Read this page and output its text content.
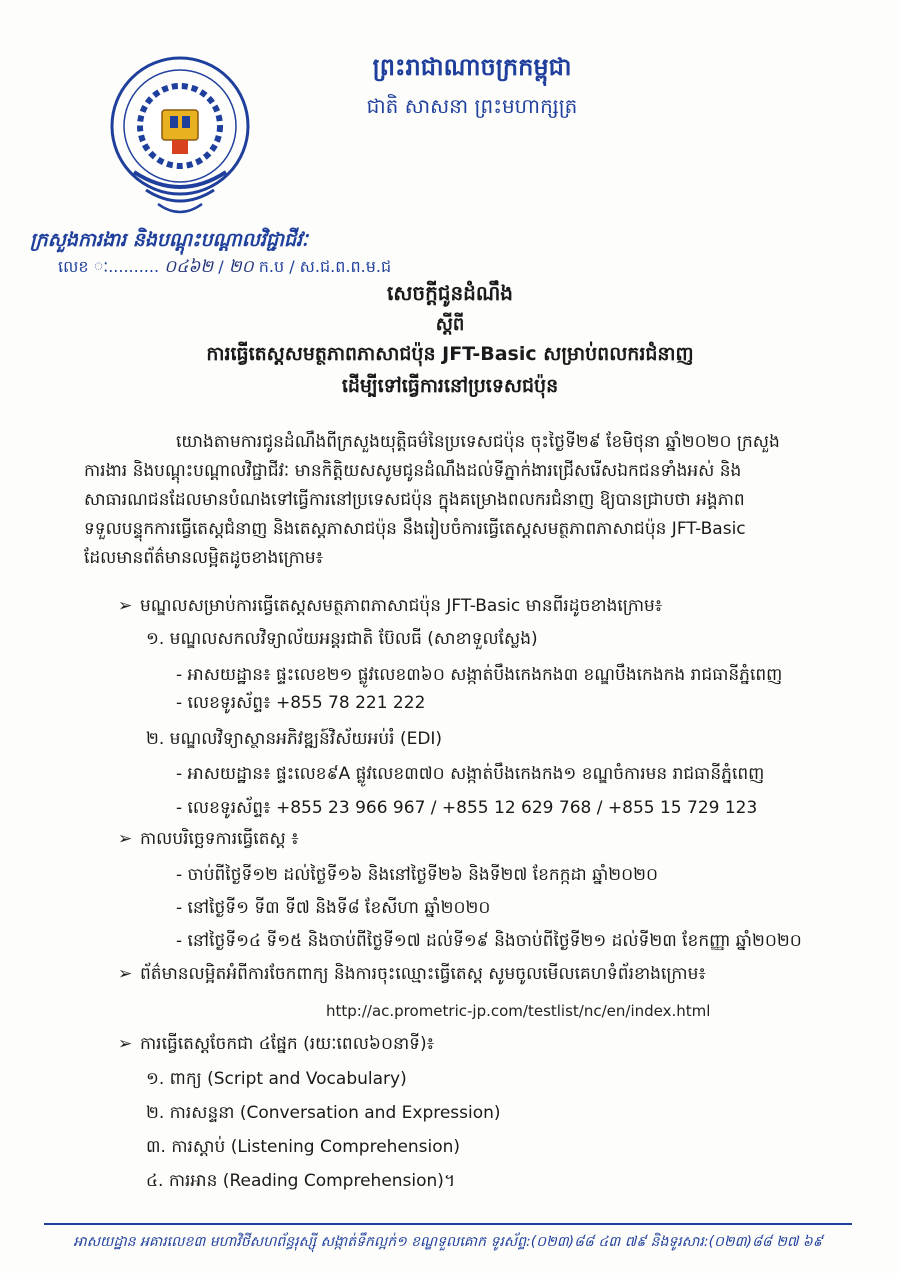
ព្រះរាជាណាចក្រកម្ពុជា
ជាតិ សាសនា ព្រះមហាក្សត្រ
ក្រសួងការងារ និងបណ្តុះបណ្តាលវិជ្ជាជីវៈ
លេខ ៈ.......... ០៤៦២ / ២០ ក.ប / ស.ជ.ព.ព.ម.ជ
សេចក្តីជូនដំណឹង
ស្តីពី
ការធ្វើតេស្តសមត្ថភាពភាសាជប៉ុន JFT-Basic សម្រាប់ពលករជំនាញ
ដើម្បីទៅធ្វើការនៅប្រទេសជប៉ុន
យោងតាមការជូនដំណឹងពីក្រសួងយុត្តិធម៌នៃប្រទេសជប៉ុន ចុះថ្ងៃទី២៩ ខែមិថុនា ឆ្នាំ២០២០ ក្រសួង
ការងារ និងបណ្តុះបណ្តាលវិជ្ជាជីវៈ មានកិត្តិយសសូមជូនដំណឹងដល់ទីភ្នាក់ងារជ្រើសរើសឯកជនទាំងអស់ និង
សាធារណជនដែលមានបំណងទៅធ្វើការនៅប្រទេសជប៉ុន ក្នុងគម្រោងពលករជំនាញ ឱ្យបានជ្រាបថា អង្គភាព
ទទួលបន្ទុកការធ្វើតេស្តជំនាញ និងតេស្តភាសាជប៉ុន នឹងរៀបចំការធ្វើតេស្តសមត្ថភាពភាសាជប៉ុន JFT-Basic
ដែលមានព័ត៌មានលម្អិតដូចខាងក្រោម៖
➢ មណ្ឌលសម្រាប់ការធ្វើតេស្តសមត្ថភាពភាសាជប៉ុន JFT-Basic មានពីរដូចខាងក្រោម៖
១. មណ្ឌលសកលវិទ្យាល័យអន្តរជាតិ ប៊ែលធី (សាខាទួលស្លែង)
- អាសយដ្ឋាន៖ ផ្ទះលេខ២១ ផ្លូវលេខ៣៦០ សង្កាត់បឹងកេងកង៣ ខណ្ឌបឹងកេងកង រាជធានីភ្នំពេញ
- លេខទូរស័ព្ទ៖ +855 78 221 222
២. មណ្ឌលវិទ្យាស្ថានអភិវឌ្ឍន៍វិស័យអប់រំ (EDI)
- អាសយដ្ឋាន៖ ផ្ទះលេខ៩A ផ្លូវលេខ៣៧០ សង្កាត់បឹងកេងកង១ ខណ្ឌចំការមន រាជធានីភ្នំពេញ
- លេខទូរស័ព្ទ៖ +855 23 966 967 / +855 12 629 768 / +855 15 729 123
➢ កាលបរិច្ឆេទការធ្វើតេស្ត ៖
- ចាប់ពីថ្ងៃទី១២ ដល់ថ្ងៃទី១៦ និងនៅថ្ងៃទី២៦ និងទី២៧ ខែកក្កដា ឆ្នាំ២០២០
- នៅថ្ងៃទី១ ទី៣ ទី៧ និងទី៨ ខែសីហា ឆ្នាំ២០២០
- នៅថ្ងៃទី១៤ ទី១៥ និងចាប់ពីថ្ងៃទី១៧ ដល់ទី១៩ និងចាប់ពីថ្ងៃទី២១ ដល់ទី២៣ ខែកញ្ញា ឆ្នាំ២០២០
➢ ព័ត៌មានលម្អិតអំពីការចែកពាក្យ និងការចុះឈ្មោះធ្វើតេស្ត សូមចូលមើលគេហទំព័រខាងក្រោម៖
http://ac.prometric-jp.com/testlist/nc/en/index.html
➢ ការធ្វើតេស្តចែកជា ៤ផ្នែក (រយៈពេល៦០នាទី)៖
១. ពាក្យ (Script and Vocabulary)
២. ការសន្ទនា (Conversation and Expression)
៣. ការស្តាប់ (Listening Comprehension)
៤. ការអាន (Reading Comprehension)។
អាសយដ្ឋាន អគារលេខ៣ មហាវិថីសហព័ន្ធរុស្ស៊ី សង្កាត់ទឹកល្អក់១ ខណ្ឌទួលគោក ទូរស័ព្ទ:(០២៣)៨៨ ៤៣ ៧៩ និងទូរសារ:(០២៣)៨៨ ២៧ ៦៩
